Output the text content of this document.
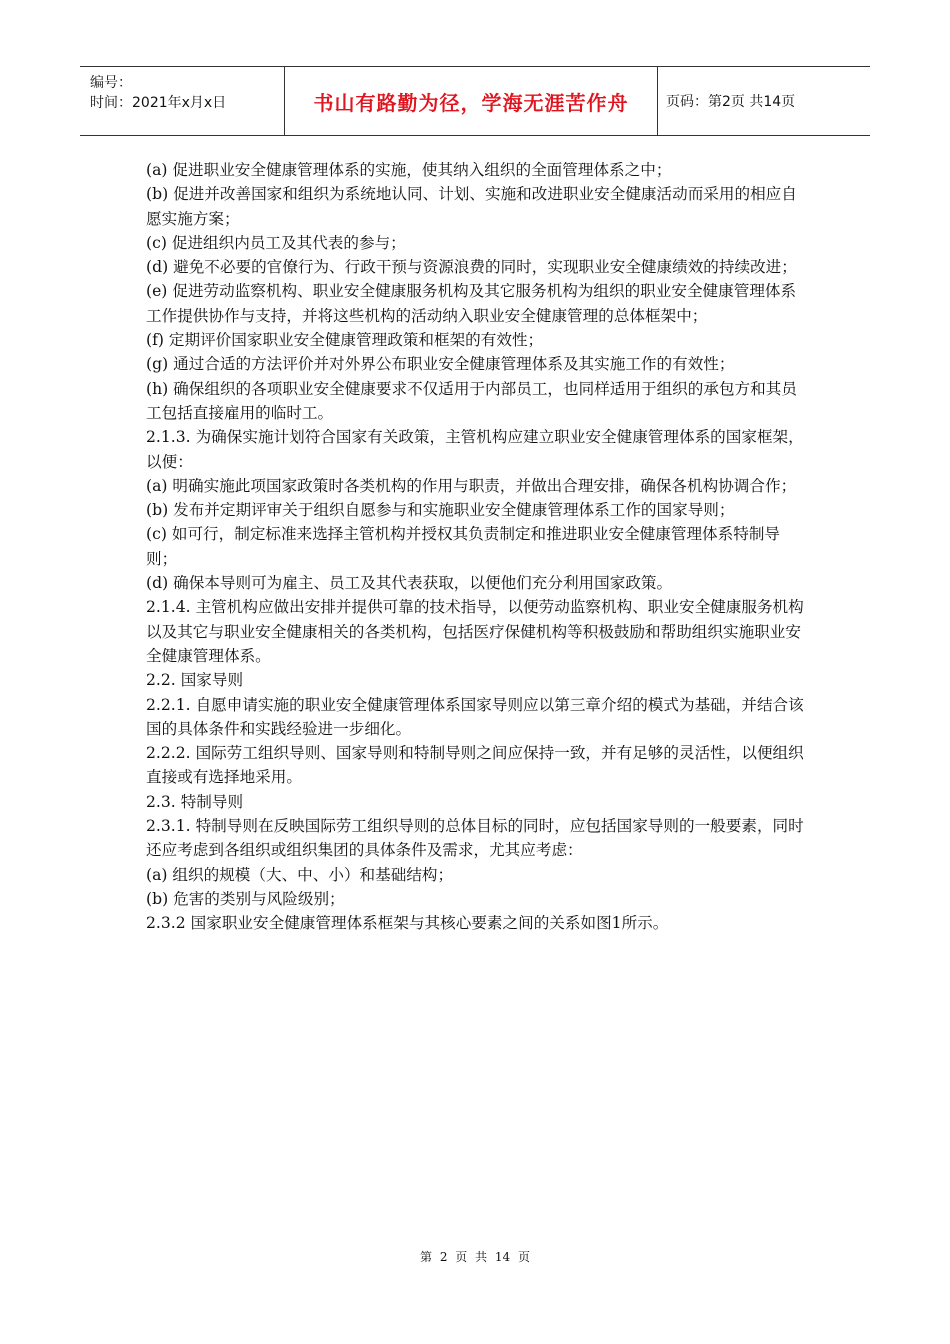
编号：
时间：2021年x月x日	书山有路勤为径，学海无涯苦作舟	页码：第2页 共14页

(a) 促进职业安全健康管理体系的实施，使其纳入组织的全面管理体系之中；

(b) 促进并改善国家和组织为系统地认同、计划、实施和改进职业安全健康活动而采用的相应自愿实施方案；

(c) 促进组织内员工及其代表的参与；

(d) 避免不必要的官僚行为、行政干预与资源浪费的同时，实现职业安全健康绩效的持续改进；

(e) 促进劳动监察机构、职业安全健康服务机构及其它服务机构为组织的职业安全健康管理体系工作提供协作与支持，并将这些机构的活动纳入职业安全健康管理的总体框架中；

(f) 定期评价国家职业安全健康管理政策和框架的有效性；

(g) 通过合适的方法评价并对外界公布职业安全健康管理体系及其实施工作的有效性；

(h) 确保组织的各项职业安全健康要求不仅适用于内部员工，也同样适用于组织的承包方和其员工包括直接雇用的临时工。

2.1.3. 为确保实施计划符合国家有关政策，主管机构应建立职业安全健康管理体系的国家框架，以便：

(a) 明确实施此项国家政策时各类机构的作用与职责，并做出合理安排，确保各机构协调合作；

(b) 发布并定期评审关于组织自愿参与和实施职业安全健康管理体系工作的国家导则；

(c) 如可行，制定标准来选择主管机构并授权其负责制定和推进职业安全健康管理体系特制导则；

(d) 确保本导则可为雇主、员工及其代表获取，以便他们充分利用国家政策。

2.1.4. 主管机构应做出安排并提供可靠的技术指导，以便劳动监察机构、职业安全健康服务机构以及其它与职业安全健康相关的各类机构，包括医疗保健机构等积极鼓励和帮助组织实施职业安全健康管理体系。

2.2. 国家导则

2.2.1. 自愿申请实施的职业安全健康管理体系国家导则应以第三章介绍的模式为基础，并结合该国的具体条件和实践经验进一步细化。

2.2.2. 国际劳工组织导则、国家导则和特制导则之间应保持一致，并有足够的灵活性，以便组织直接或有选择地采用。

2.3. 特制导则

2.3.1. 特制导则在反映国际劳工组织导则的总体目标的同时，应包括国家导则的一般要素，同时还应考虑到各组织或组织集团的具体条件及需求，尤其应考虑：

(a) 组织的规模（大、中、小）和基础结构；

(b) 危害的类别与风险级别；

2.3.2 国家职业安全健康管理体系框架与其核心要素之间的关系如图1所示。

第 2 页 共 14 页
